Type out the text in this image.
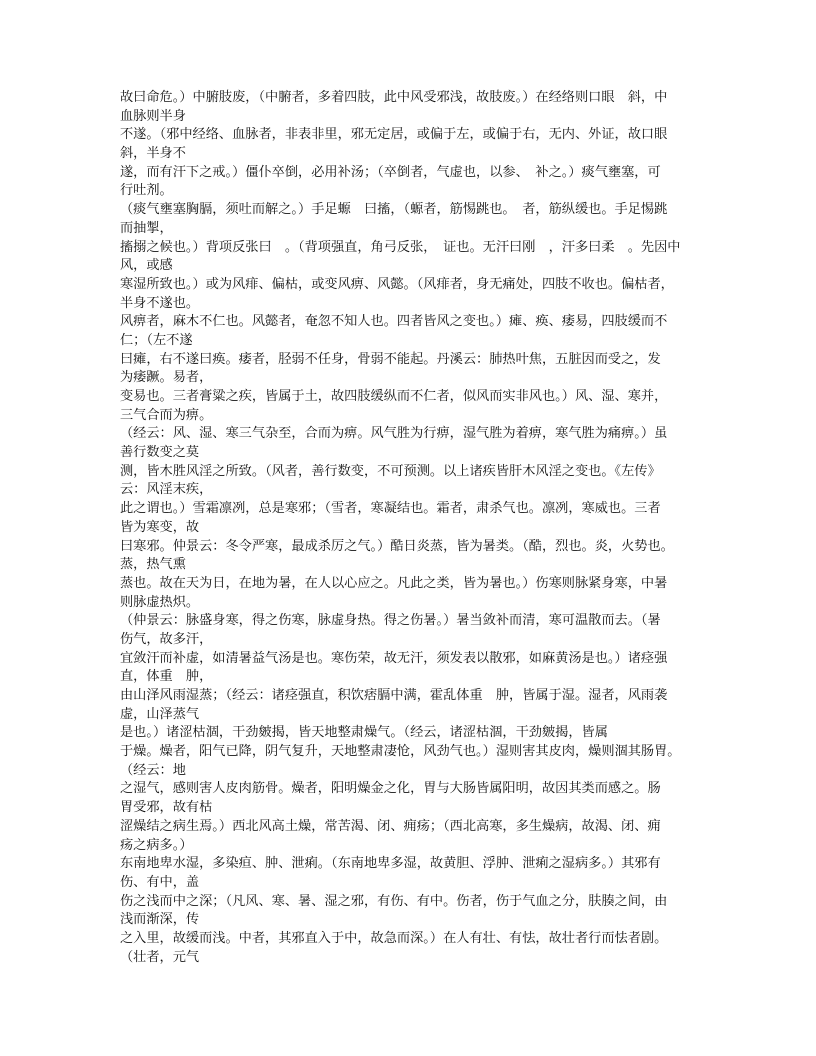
故曰命危。）中腑肢废，（中腑者，多着四肢，此中风受邪浅，故肢废。）在经络则口眼　斜，中
血脉则半身
不遂。（邪中经络、血脉者，非表非里，邪无定居，或偏于左，或偏于右，无内、外证，故口眼
斜，半身不
遂，而有汗下之戒。）僵仆卒倒，必用补汤；（卒倒者，气虚也，以参、　补之。）痰气壅塞，可
行吐剂。
（痰气壅塞胸膈，须吐而解之。）手足螈　曰搐，（螈者，筋惕跳也。　者，筋纵缓也。手足惕跳
而抽掣，
搐搦之候也。）背项反张曰　。（背项强直，角弓反张，　证也。无汗曰刚　，汗多曰柔　。先因中
风，或感
寒湿所致也。）或为风痱、偏枯，或变风痹、风懿。（风痱者，身无痛处，四肢不收也。偏枯者，
半身不遂也。
风痹者，麻木不仁也。风懿者，奄忽不知人也。四者皆风之变也。）瘫、痪、痿易，四肢缓而不
仁；（左不遂
曰瘫，右不遂曰痪。痿者，胫弱不任身，骨弱不能起。丹溪云：肺热叶焦，五脏因而受之，发
为痿蹶。易者，
变易也。三者膏粱之疾，皆属于土，故四肢缓纵而不仁者，似风而实非风也。）风、湿、寒并，
三气合而为痹。
（经云：风、湿、寒三气杂至，合而为痹。风气胜为行痹，湿气胜为着痹，寒气胜为痛痹。）虽
善行数变之莫
测，皆木胜风淫之所致。（风者，善行数变，不可预测。以上诸疾皆肝木风淫之变也。《左传》
云：风淫末疾，
此之谓也。）雪霜凛冽，总是寒邪；（雪者，寒凝结也。霜者，肃杀气也。凛冽，寒威也。三者
皆为寒变，故
曰寒邪。仲景云：冬令严寒，最成杀厉之气。）酷日炎蒸，皆为暑类。（酷，烈也。炎，火势也。
蒸，热气熏
蒸也。故在天为日，在地为暑，在人以心应之。凡此之类，皆为暑也。）伤寒则脉紧身寒，中暑
则脉虚热炽。
（仲景云：脉盛身寒，得之伤寒，脉虚身热。得之伤暑。）暑当敛补而清，寒可温散而去。（暑
伤气，故多汗，
宜敛汗而补虚，如清暑益气汤是也。寒伤荣，故无汗，须发表以散邪，如麻黄汤是也。）诸痉强
直，体重　肿，
由山泽风雨湿蒸；（经云：诸痉强直，积饮痞膈中满，霍乱体重　肿，皆属于湿。湿者，风雨袭
虚，山泽蒸气
是也。）诸涩枯涸，干劲皴揭，皆天地整肃燥气。（经云，诸涩枯涸，干劲皴揭，皆属
于燥。燥者，阳气已降，阴气复升，天地整肃凄怆，风劲气也。）湿则害其皮肉，燥则涸其肠胃。
（经云：地
之湿气，感则害人皮肉筋骨。燥者，阳明燥金之化，胃与大肠皆属阳明，故因其类而感之。肠
胃受邪，故有枯
涩燥结之病生焉。）西北风高土燥，常苦渴、闭、痈疡；（西北高寒，多生燥病，故渴、闭、痈
疡之病多。）
东南地卑水湿，多染疸、肿、泄痢。（东南地卑多湿，故黄胆、浮肿、泄痢之湿病多。）其邪有
伤、有中，盖
伤之浅而中之深；（凡风、寒、暑、湿之邪，有伤、有中。伤者，伤于气血之分，肤腠之间，由
浅而渐深，传
之入里，故缓而浅。中者，其邪直入于中，故急而深。）在人有壮、有怯，故壮者行而怯者剧。
（壮者，元气
